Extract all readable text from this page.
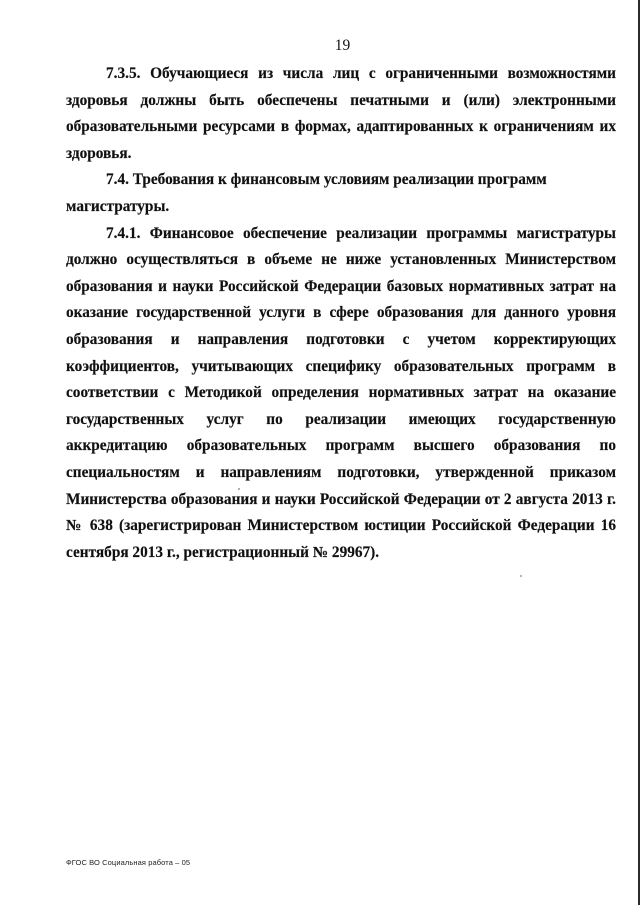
19

7.3.5. Обучающиеся из числа лиц с ограниченными возможностями здоровья должны быть обеспечены печатными и (или) электронными образовательными ресурсами в формах, адаптированных к ограничениям их здоровья.

7.4. Требования к финансовым условиям реализации программ магистратуры.

7.4.1. Финансовое обеспечение реализации программы магистратуры должно осуществляться в объеме не ниже установленных Министерством образования и науки Российской Федерации базовых нормативных затрат на оказание государственной услуги в сфере образования для данного уровня образования и направления подготовки с учетом корректирующих коэффициентов, учитывающих специфику образовательных программ в соответствии с Методикой определения нормативных затрат на оказание государственных услуг по реализации имеющих государственную аккредитацию образовательных программ высшего образования по специальностям и направлениям подготовки, утвержденной приказом Министерства образования и науки Российской Федерации от 2 августа 2013 г. № 638 (зарегистрирован Министерством юстиции Российской Федерации 16 сентября 2013 г., регистрационный № 29967).

ФГОС ВО Социальная работа – 05
